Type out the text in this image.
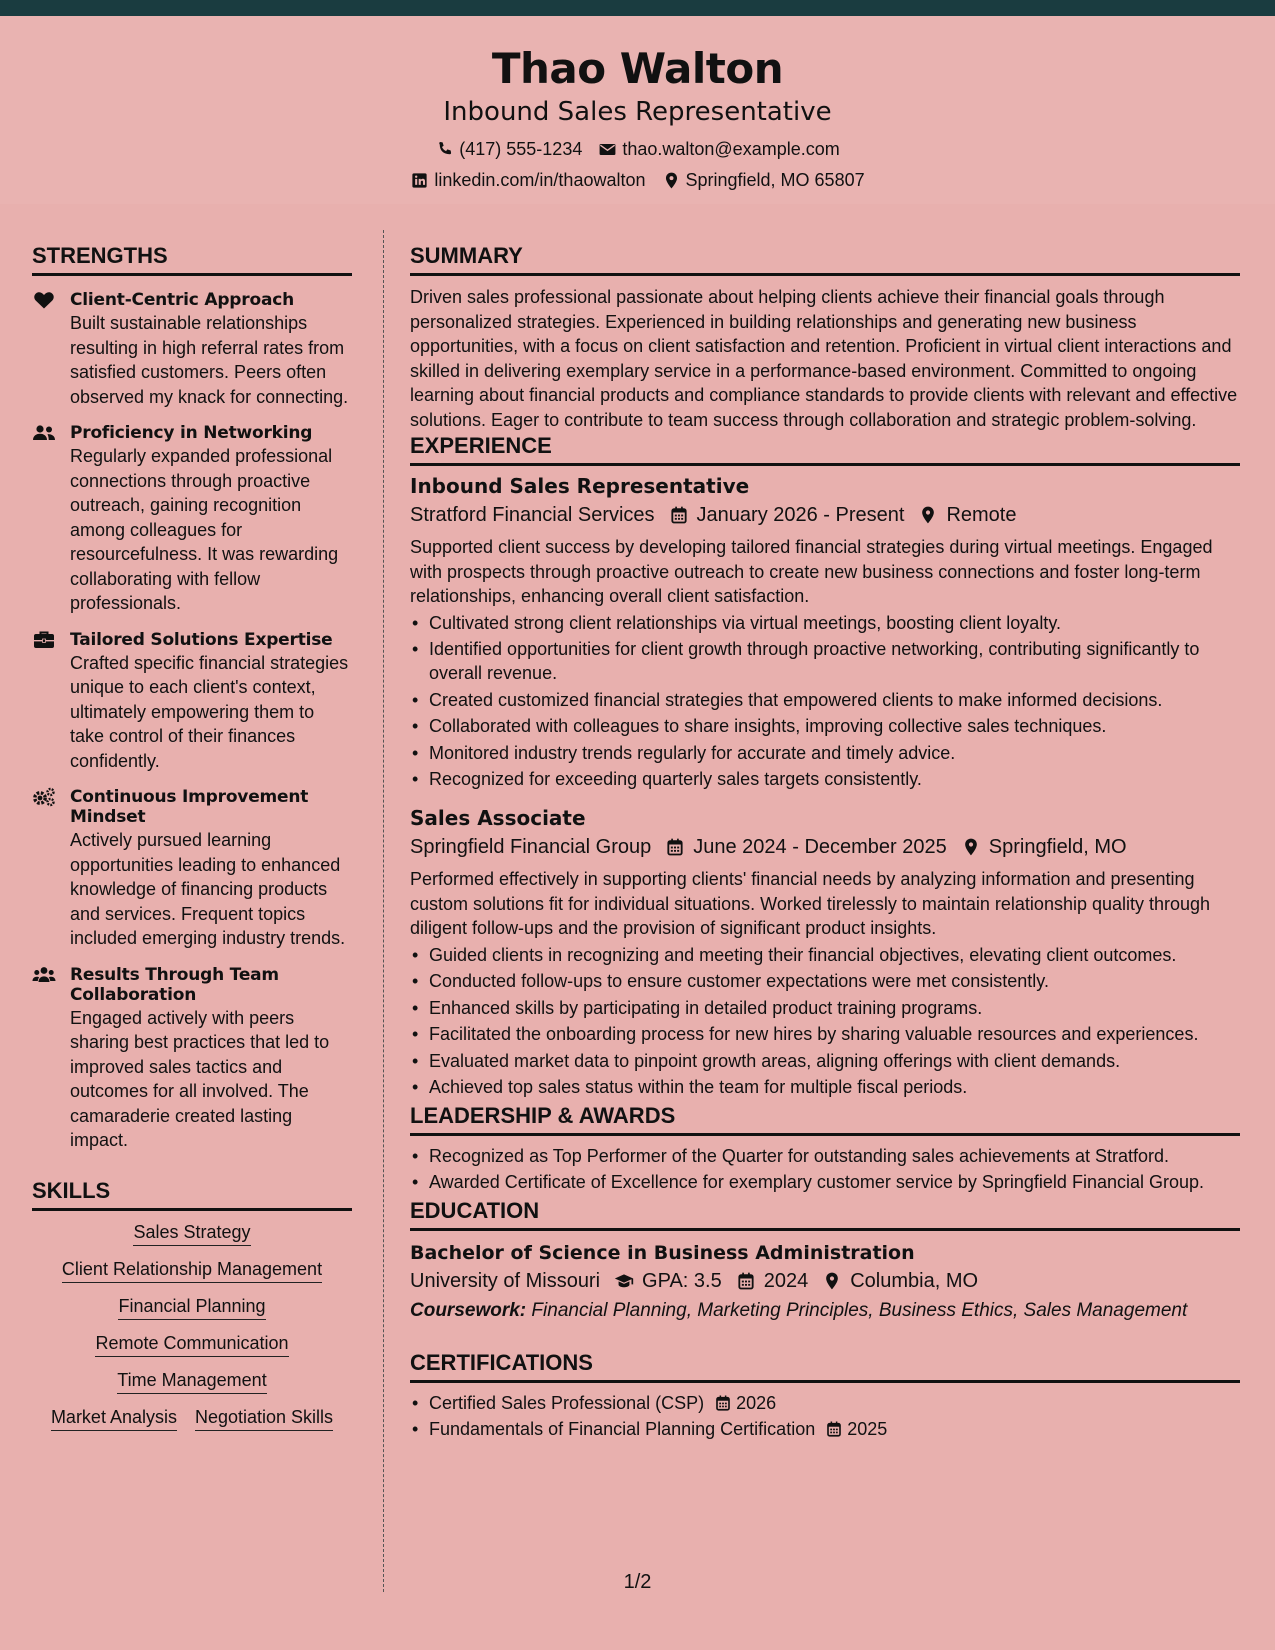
Thao Walton
Inbound Sales Representative
(417) 555-1234 thao.walton@example.com
linkedin.com/in/thaowalton Springfield, MO 65807
STRENGTHS
Client-Centric Approach
Built sustainable relationships resulting in high referral rates from satisfied customers. Peers often observed my knack for connecting.
Proficiency in Networking
Regularly expanded professional connections through proactive outreach, gaining recognition among colleagues for resourcefulness. It was rewarding collaborating with fellow professionals.
Tailored Solutions Expertise
Crafted specific financial strategies unique to each client's context, ultimately empowering them to take control of their finances confidently.
Continuous Improvement Mindset
Actively pursued learning opportunities leading to enhanced knowledge of financing products and services. Frequent topics included emerging industry trends.
Results Through Team Collaboration
Engaged actively with peers sharing best practices that led to improved sales tactics and outcomes for all involved. The camaraderie created lasting impact.
SKILLS
Sales Strategy
Client Relationship Management
Financial Planning
Remote Communication
Time Management
Market Analysis Negotiation Skills
SUMMARY

Driven sales professional passionate about helping clients achieve their financial goals through personalized strategies. Experienced in building relationships and generating new business opportunities, with a focus on client satisfaction and retention. Proficient in virtual client interactions and skilled in delivering exemplary service in a performance-based environment. Committed to ongoing learning about financial products and compliance standards to provide clients with relevant and effective solutions. Eager to contribute to team success through collaboration and strategic problem-solving.

EXPERIENCE
Inbound Sales Representative
Stratford Financial Services January 2026 - Present Remote

Supported client success by developing tailored financial strategies during virtual meetings. Engaged with prospects through proactive outreach to create new business connections and foster long-term relationships, enhancing overall client satisfaction.

• Cultivated strong client relationships via virtual meetings, boosting client loyalty.
• Identified opportunities for client growth through proactive networking, contributing significantly to overall revenue.
• Created customized financial strategies that empowered clients to make informed decisions.
• Collaborated with colleagues to share insights, improving collective sales techniques.
• Monitored industry trends regularly for accurate and timely advice.
• Recognized for exceeding quarterly sales targets consistently.
Sales Associate
Springfield Financial Group June 2024 - December 2025 Springfield, MO

Performed effectively in supporting clients' financial needs by analyzing information and presenting custom solutions fit for individual situations. Worked tirelessly to maintain relationship quality through diligent follow-ups and the provision of significant product insights.

• Guided clients in recognizing and meeting their financial objectives, elevating client outcomes.
• Conducted follow-ups to ensure customer expectations were met consistently.
• Enhanced skills by participating in detailed product training programs.
• Facilitated the onboarding process for new hires by sharing valuable resources and experiences.
• Evaluated market data to pinpoint growth areas, aligning offerings with client demands.
• Achieved top sales status within the team for multiple fiscal periods.
LEADERSHIP & AWARDS
• Recognized as Top Performer of the Quarter for outstanding sales achievements at Stratford.
• Awarded Certificate of Excellence for exemplary customer service by Springfield Financial Group.
EDUCATION
Bachelor of Science in Business Administration
University of Missouri GPA: 3.5 2024 Columbia, MO
Coursework: Financial Planning, Marketing Principles, Business Ethics, Sales Management
CERTIFICATIONS
• Certified Sales Professional (CSP) 2026
• Fundamentals of Financial Planning Certification 2025
1/2
